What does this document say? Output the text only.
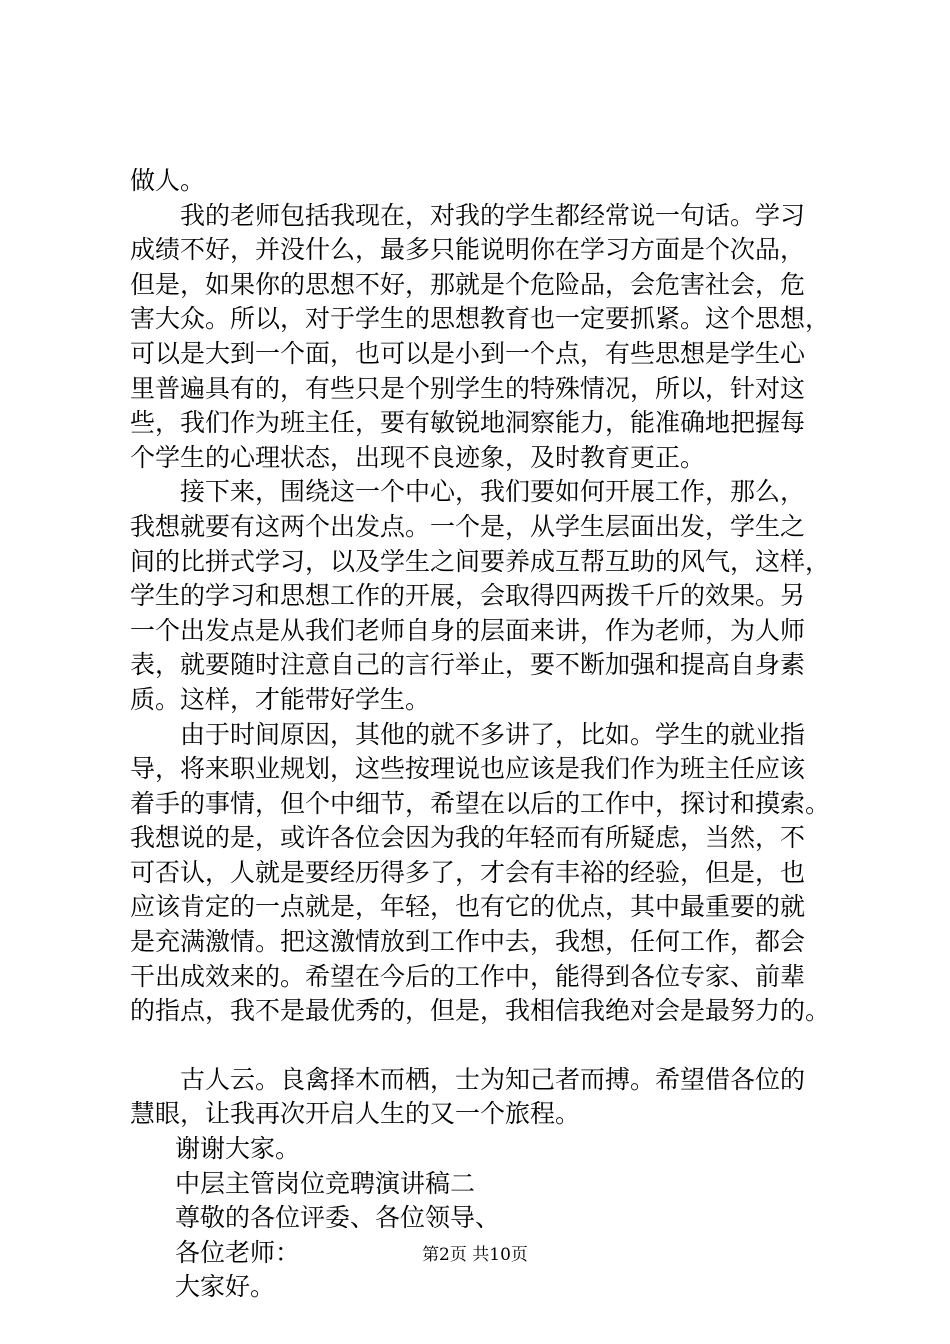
做人。
我的老师包括我现在，对我的学生都经常说一句话。学习
成绩不好，并没什么，最多只能说明你在学习方面是个次品，
但是，如果你的思想不好，那就是个危险品，会危害社会，危
害大众。所以，对于学生的思想教育也一定要抓紧。这个思想，
可以是大到一个面，也可以是小到一个点，有些思想是学生心
里普遍具有的，有些只是个别学生的特殊情况，所以，针对这
些，我们作为班主任，要有敏锐地洞察能力，能准确地把握每
个学生的心理状态，出现不良迹象，及时教育更正。
接下来，围绕这一个中心，我们要如何开展工作，那么，
我想就要有这两个出发点。一个是，从学生层面出发，学生之
间的比拼式学习，以及学生之间要养成互帮互助的风气，这样，
学生的学习和思想工作的开展，会取得四两拨千斤的效果。另
一个出发点是从我们老师自身的层面来讲，作为老师，为人师
表，就要随时注意自己的言行举止，要不断加强和提高自身素
质。这样，才能带好学生。
由于时间原因，其他的就不多讲了，比如。学生的就业指
导，将来职业规划，这些按理说也应该是我们作为班主任应该
着手的事情，但个中细节，希望在以后的工作中，探讨和摸索。
我想说的是，或许各位会因为我的年轻而有所疑虑，当然，不
可否认，人就是要经历得多了，才会有丰裕的经验，但是，也
应该肯定的一点就是，年轻，也有它的优点，其中最重要的就
是充满激情。把这激情放到工作中去，我想，任何工作，都会
干出成效来的。希望在今后的工作中，能得到各位专家、前辈
的指点，我不是最优秀的，但是，我相信我绝对会是最努力的。
古人云。良禽择木而栖，士为知己者而搏。希望借各位的
慧眼，让我再次开启人生的又一个旅程。
谢谢大家。
中层主管岗位竞聘演讲稿二
尊敬的各位评委、各位领导、
各位老师：
大家好。
第2页 共10页
